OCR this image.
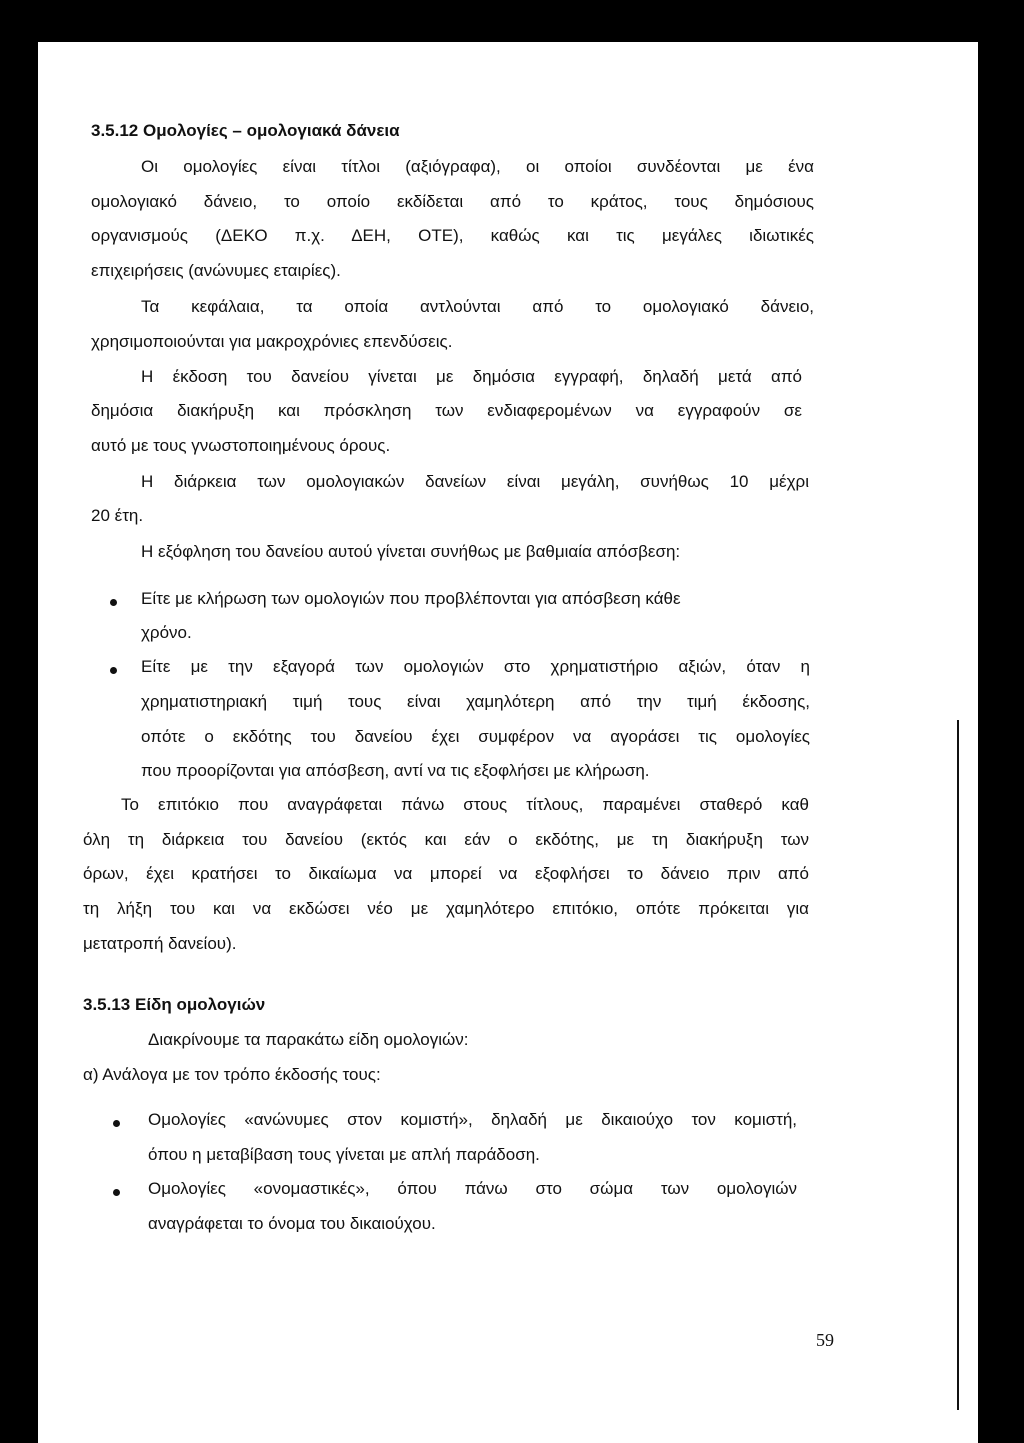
3.5.12 Ομολογίες – ομολογιακά δάνεια
Οι ομολογίες είναι τίτλοι (αξιόγραφα), οι οποίοι συνδέονται με ένα
ομολογιακό δάνειο, το οποίο εκδίδεται από το κράτος, τους δημόσιους
οργανισμούς (ΔΕΚΟ π.χ. ΔΕΗ, ΟΤΕ), καθώς και τις μεγάλες ιδιωτικές
επιχειρήσεις (ανώνυμες εταιρίες).
Τα κεφάλαια, τα οποία αντλούνται από το ομολογιακό δάνειο,
χρησιμοποιούνται για μακροχρόνιες επενδύσεις.
Η έκδοση του δανείου γίνεται με δημόσια εγγραφή, δηλαδή μετά από
δημόσια διακήρυξη και πρόσκληση των ενδιαφερομένων να εγγραφούν σε
αυτό με τους γνωστοποιημένους όρους.
Η διάρκεια των ομολογιακών δανείων είναι μεγάλη, συνήθως 10 μέχρι
20 έτη.
Η εξόφληση του δανείου αυτού γίνεται συνήθως με βαθμιαία απόσβεση:
Είτε με κλήρωση των ομολογιών που προβλέπονται για απόσβεση κάθε
χρόνο.
Είτε με την εξαγορά των ομολογιών στο χρηματιστήριο αξιών, όταν η
χρηματιστηριακή τιμή τους είναι χαμηλότερη από την τιμή έκδοσης,
οπότε ο εκδότης του δανείου έχει συμφέρον να αγοράσει τις ομολογίες
που προορίζονται για απόσβεση, αντί να τις εξοφλήσει με κλήρωση.
Το επιτόκιο που αναγράφεται πάνω στους τίτλους, παραμένει σταθερό καθ
όλη τη διάρκεια του δανείου (εκτός και εάν ο εκδότης, με τη διακήρυξη των
όρων, έχει κρατήσει το δικαίωμα να μπορεί να εξοφλήσει το δάνειο πριν από
τη λήξη του και να εκδώσει νέο με χαμηλότερο επιτόκιο, οπότε πρόκειται για
μετατροπή δανείου).
3.5.13 Είδη ομολογιών
Διακρίνουμε τα παρακάτω είδη ομολογιών:
α) Ανάλογα με τον τρόπο έκδοσής τους:
Ομολογίες «ανώνυμες στον κομιστή», δηλαδή με δικαιούχο τον κομιστή,
όπου η μεταβίβαση τους γίνεται με απλή παράδοση.
Ομολογίες «ονομαστικές», όπου πάνω στο σώμα των ομολογιών
αναγράφεται το όνομα του δικαιούχου.
59
